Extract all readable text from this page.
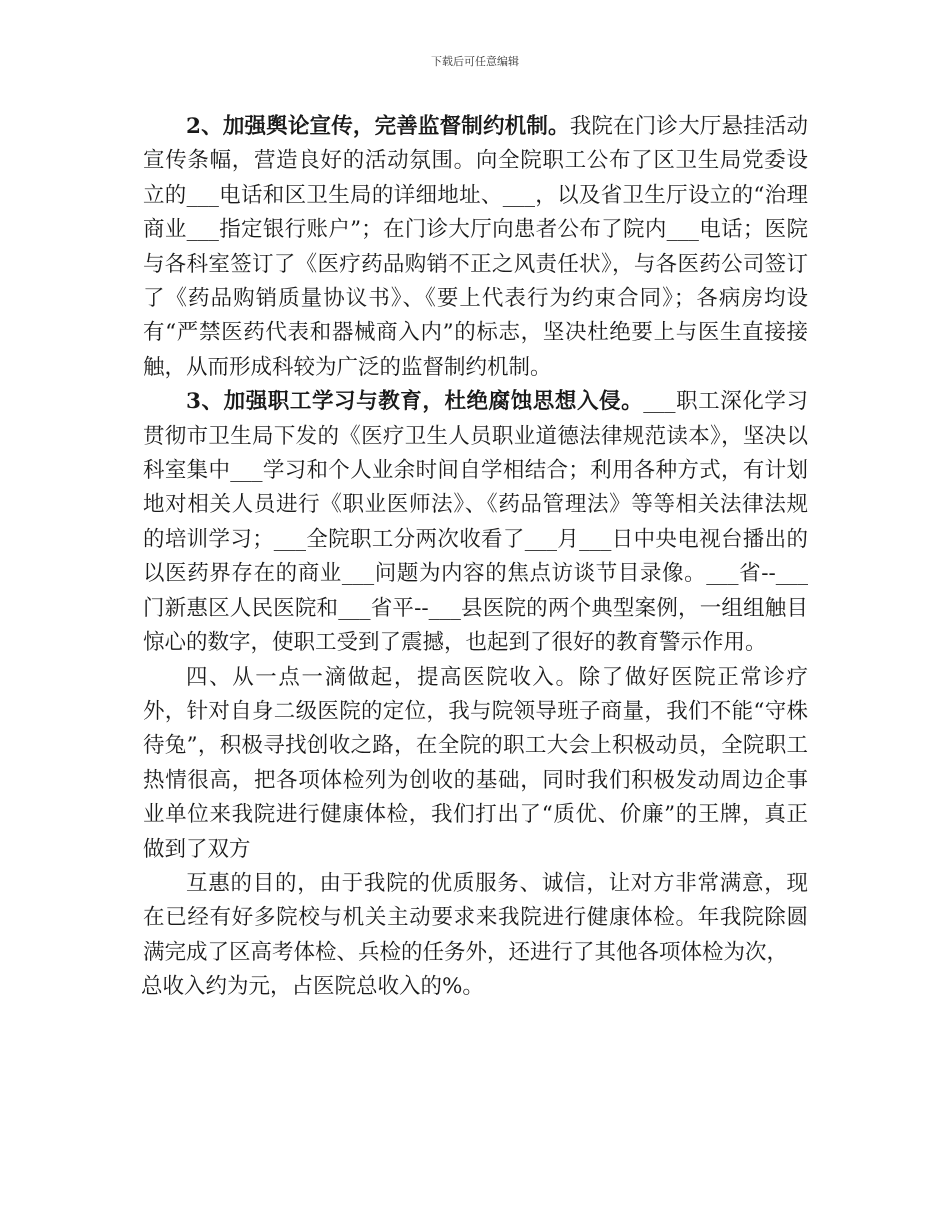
下载后可任意编辑

2、加强舆论宣传，完善监督制约机制。我院在门诊大厅悬挂活动宣传条幅，营造良好的活动氛围。向全院职工公布了区卫生局党委设立的___电话和区卫生局的详细地址、___，以及省卫生厅设立的“治理商业___指定银行账户”；在门诊大厅向患者公布了院内___电话；医院与各科室签订了《医疗药品购销不正之风责任状》，与各医药公司签订了《药品购销质量协议书》、《要上代表行为约束合同》；各病房均设有“严禁医药代表和器械商入内”的标志，坚决杜绝要上与医生直接接触，从而形成科较为广泛的监督制约机制。

3、加强职工学习与教育，杜绝腐蚀思想入侵。___职工深化学习贯彻市卫生局下发的《医疗卫生人员职业道德法律规范读本》，坚决以科室集中___学习和个人业余时间自学相结合；利用各种方式，有计划地对相关人员进行《职业医师法》、《药品管理法》等等相关法律法规的培训学习；___全院职工分两次收看了___月___日中央电视台播出的以医药界存在的商业___问题为内容的焦点访谈节目录像。___省--___门新惠区人民医院和___省平--___县医院的两个典型案例，一组组触目惊心的数字，使职工受到了震撼，也起到了很好的教育警示作用。

四、从一点一滴做起，提高医院收入。除了做好医院正常诊疗外，针对自身二级医院的定位，我与院领导班子商量，我们不能“守株待兔”，积极寻找创收之路，在全院的职工大会上积极动员，全院职工热情很高，把各项体检列为创收的基础，同时我们积极发动周边企事业单位来我院进行健康体检，我们打出了“质优、价廉”的王牌，真正做到了双方

互惠的目的，由于我院的优质服务、诚信，让对方非常满意，现在已经有好多院校与机关主动要求来我院进行健康体检。年我院除圆满完成了区高考体检、兵检的任务外，还进行了其他各项体检为次，
总收入约为元，占医院总收入的%。
